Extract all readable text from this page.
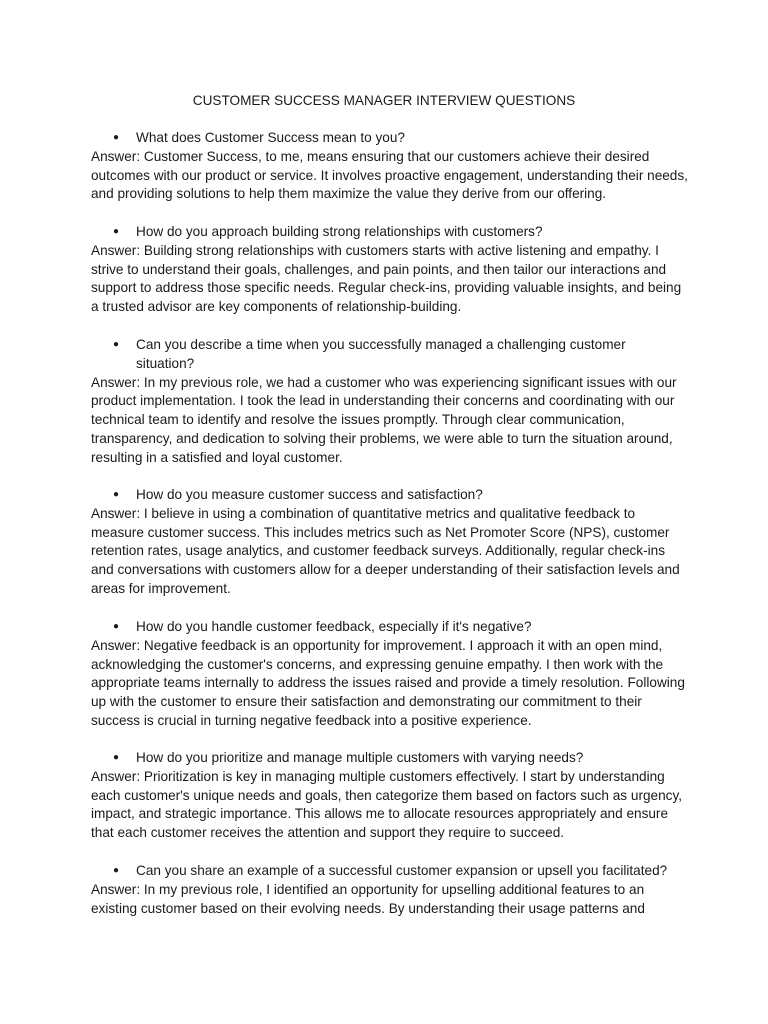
CUSTOMER SUCCESS MANAGER INTERVIEW QUESTIONS
● What does Customer Success mean to you?

Answer: Customer Success, to me, means ensuring that our customers achieve their desired outcomes with our product or service. It involves proactive engagement, understanding their needs, and providing solutions to help them maximize the value they derive from our offering.

● How do you approach building strong relationships with customers?

Answer: Building strong relationships with customers starts with active listening and empathy. I strive to understand their goals, challenges, and pain points, and then tailor our interactions and support to address those specific needs. Regular check-ins, providing valuable insights, and being a trusted advisor are key components of relationship-building.

● Can you describe a time when you successfully managed a challenging customer situation?

Answer: In my previous role, we had a customer who was experiencing significant issues with our product implementation. I took the lead in understanding their concerns and coordinating with our technical team to identify and resolve the issues promptly. Through clear communication, transparency, and dedication to solving their problems, we were able to turn the situation around, resulting in a satisfied and loyal customer.

● How do you measure customer success and satisfaction?

Answer: I believe in using a combination of quantitative metrics and qualitative feedback to measure customer success. This includes metrics such as Net Promoter Score (NPS), customer retention rates, usage analytics, and customer feedback surveys. Additionally, regular check-ins and conversations with customers allow for a deeper understanding of their satisfaction levels and areas for improvement.

● How do you handle customer feedback, especially if it's negative?

Answer: Negative feedback is an opportunity for improvement. I approach it with an open mind, acknowledging the customer's concerns, and expressing genuine empathy. I then work with the appropriate teams internally to address the issues raised and provide a timely resolution. Following up with the customer to ensure their satisfaction and demonstrating our commitment to their success is crucial in turning negative feedback into a positive experience.

● How do you prioritize and manage multiple customers with varying needs?

Answer: Prioritization is key in managing multiple customers effectively. I start by understanding each customer's unique needs and goals, then categorize them based on factors such as urgency, impact, and strategic importance. This allows me to allocate resources appropriately and ensure that each customer receives the attention and support they require to succeed.

● Can you share an example of a successful customer expansion or upsell you facilitated?

Answer: In my previous role, I identified an opportunity for upselling additional features to an existing customer based on their evolving needs. By understanding their usage patterns and
